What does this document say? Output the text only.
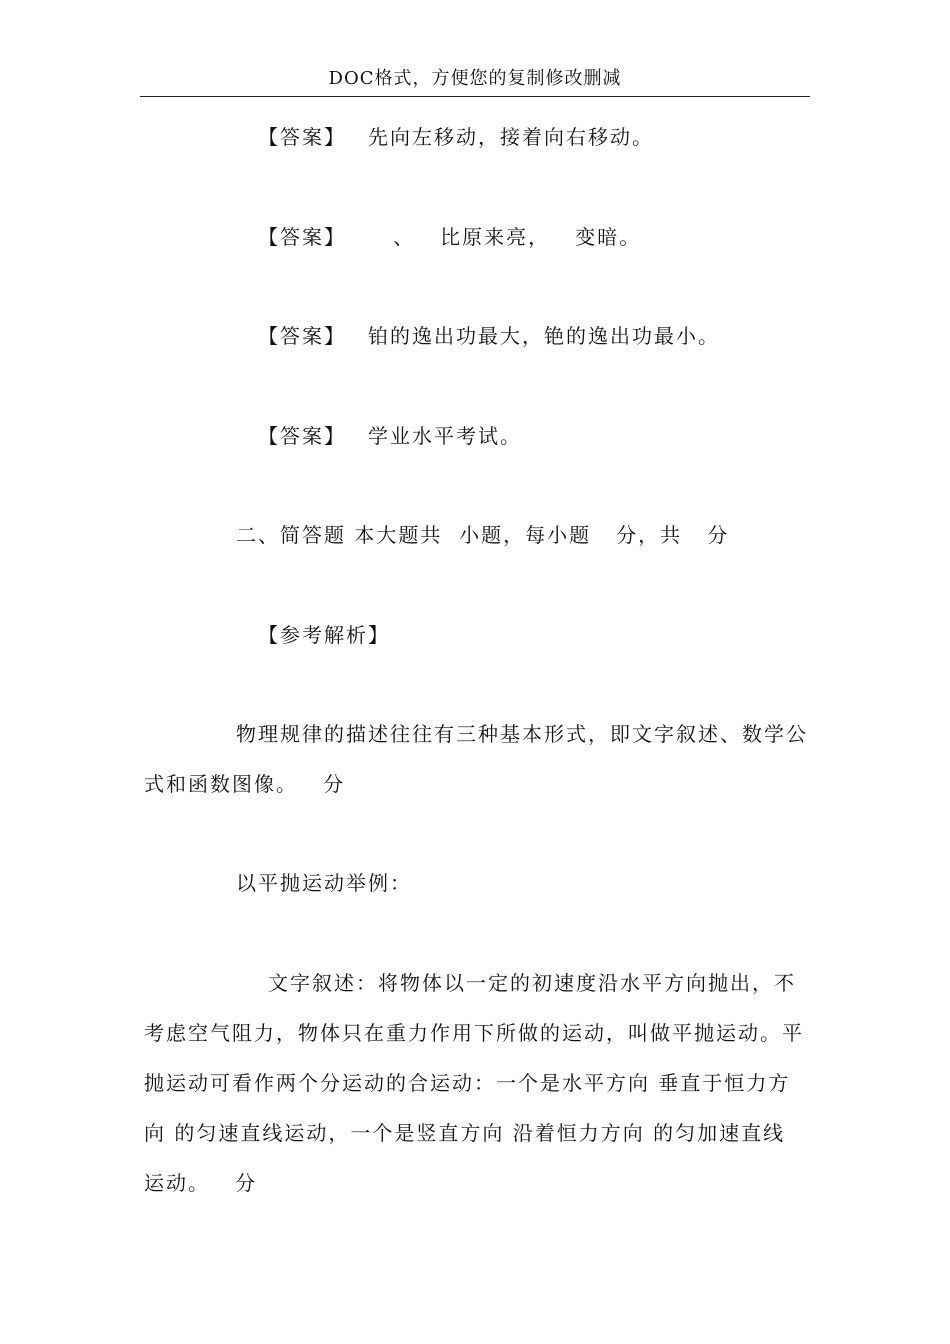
DOC格式，方便您的复制修改删减
【答案】 先向左移动，接着向右移动。
【答案】 、   比原来亮，   变暗。
【答案】 铂的逸出功最大，铯的逸出功最小。
【答案】 学业水平考试。
二、简答题 本大题共  小题，每小题   分，共   分
【参考解析】
物理规律的描述往往有三种基本形式，即文字叙述、数学公
式和函数图像。   分
以平抛运动举例：
文字叙述：将物体以一定的初速度沿水平方向抛出，不
考虑空气阻力，物体只在重力作用下所做的运动，叫做平抛运动。平
抛运动可看作两个分运动的合运动：一个是水平方向 垂直于恒力方
向 的匀速直线运动，一个是竖直方向 沿着恒力方向 的匀加速直线
运动。   分
